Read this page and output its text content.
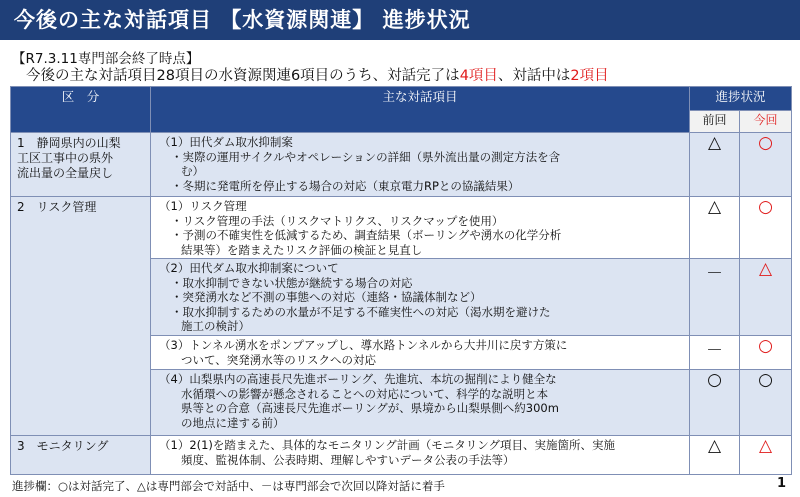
今後の主な対話項目 【水資源関連】 進捗状況
【R7.3.11専門部会終了時点】
今後の主な対話項目28項目の水資源関連6項目のうち、対話完了は4項目、対話中は2項目
区　分	主な対話項目	進捗状況	
		前回	今回
1　静岡県内の山梨
工区工事中の県外
流出量の全量戻し	（1）田代ダム取水抑制案
・実際の運用サイクルやオペレーションの詳細（県外流出量の測定方法を含
む）
・冬期に発電所を停止する場合の対応（東京電力RPとの協議結果）	△	○
2　リスク管理	（1）リスク管理
・リスク管理の手法（リスクマトリクス、リスクマップを使用）
・予測の不確実性を低減するため、調査結果（ボーリングや湧水の化学分析
結果等）を踏まえたリスク評価の検証と見直し	△	○

	（2）田代ダム取水抑制案について
・取水抑制できない状態が継続する場合の対応
・突発湧水など不測の事態への対応（連絡・協議体制など）
・取水抑制するための水量が不足する不確実性への対応（渇水期を避けた
施工の検討）	－	△

	（3）トンネル湧水をポンプアップし、導水路トンネルから大井川に戻す方策に
ついて、突発湧水等のリスクへの対応	－	○

	（4）山梨県内の高速長尺先進ボーリング、先進坑、本坑の掘削により健全な
水循環への影響が懸念されることへの対応について、科学的な説明と本
県等との合意（高速長尺先進ボーリングが、県境から山梨県側へ約300m
の地点に達する前）	○	○
3　モニタリング	（1）2(1)を踏まえた、具体的なモニタリング計画（モニタリング項目、実施箇所、実施
頻度、監視体制、公表時期、理解しやすいデータ公表の手法等）	△	△
進捗欄：○は対話完了、△は専門部会で対話中、－は専門部会で次回以降対話に着手	1
